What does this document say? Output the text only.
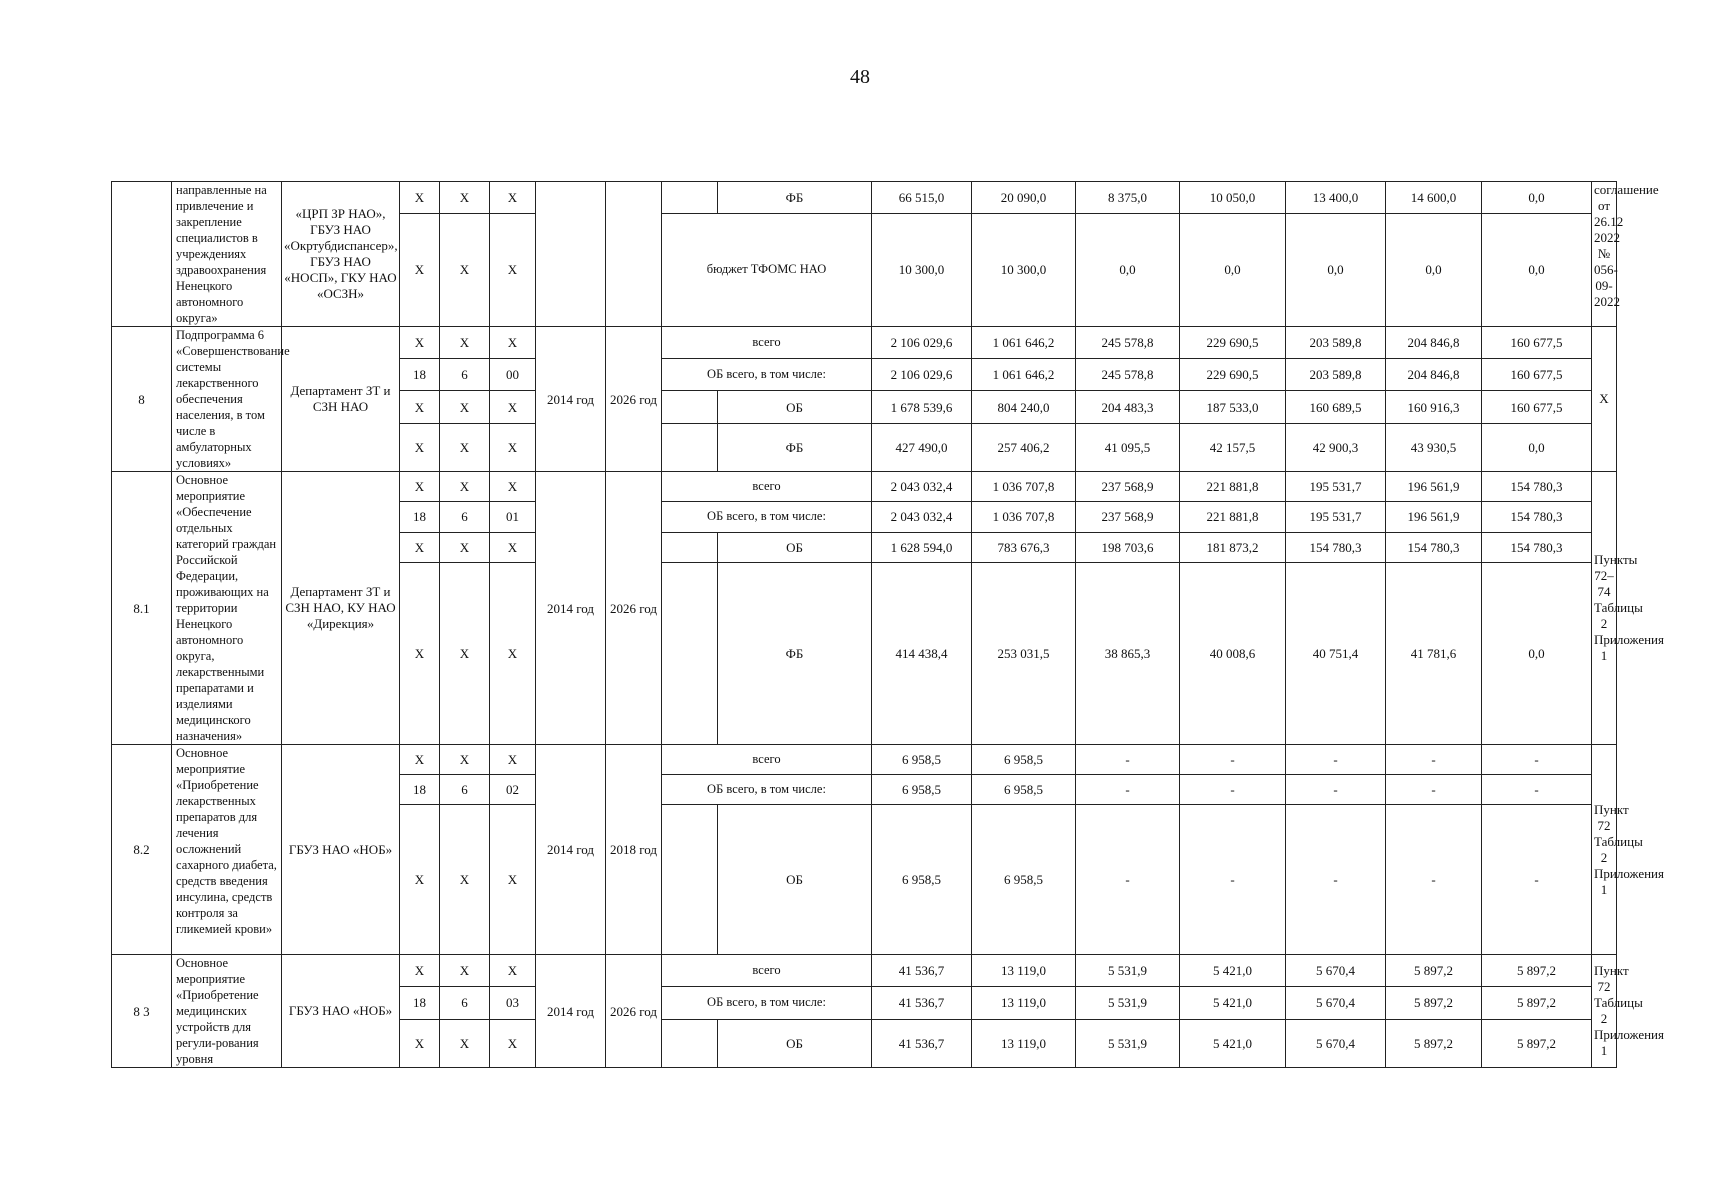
48
	направленные на привлечение и закрепление специалистов в учреждениях здравоохранения Ненецкого автономного округа»	«ЦРП ЗР НАО», ГБУЗ НАО «Окртубдиспансер», ГБУЗ НАО «НОСП», ГКУ НАО «ОСЗН»	Х	Х	Х				ФБ	66 515,0	20 090,0	8 375,0	10 050,0	13 400,0	14 600,0	0,0	соглашение от 26.12 2022 № 056-09-2022
			Х	Х	Х			бюджет ТФОМС НАО		10 300,0	10 300,0	0,0	0,0	0,0	0,0	0,0	
8	Подпрограмма 6 «Совершенствование системы лекарственного обеспечения населения, в том числе в амбулаторных условиях»	Департамент ЗТ и СЗН НАО	Х	Х	Х	2014 год	2026 год	всего		2 106 029,6	1 061 646,2	245 578,8	229 690,5	203 589,8	204 846,8	160 677,5	Х
			18	6	00			ОБ всего, в том числе:		2 106 029,6	1 061 646,2	245 578,8	229 690,5	203 589,8	204 846,8	160 677,5	
			Х	Х	Х				ОБ	1 678 539,6	804 240,0	204 483,3	187 533,0	160 689,5	160 916,3	160 677,5	
			Х	Х	Х				ФБ	427 490,0	257 406,2	41 095,5	42 157,5	42 900,3	43 930,5	0,0	
8.1	Основное мероприятие «Обеспечение отдельных категорий граждан Российской Федерации, проживающих на территории Ненецкого автономного округа, лекарственными препаратами и изделиями медицинского назначения»	Департамент ЗТ и СЗН НАО, КУ НАО «Дирекция»	Х	Х	Х	2014 год	2026 год	всего		2 043 032,4	1 036 707,8	237 568,9	221 881,8	195 531,7	196 561,9	154 780,3	Пункты 72–74 Таблицы 2 Приложения 1
			18	6	01			ОБ всего, в том числе:		2 043 032,4	1 036 707,8	237 568,9	221 881,8	195 531,7	196 561,9	154 780,3	
			Х	Х	Х				ОБ	1 628 594,0	783 676,3	198 703,6	181 873,2	154 780,3	154 780,3	154 780,3	
			Х	Х	Х				ФБ	414 438,4	253 031,5	38 865,3	40 008,6	40 751,4	41 781,6	0,0	
8.2	Основное мероприятие «Приобретение лекарственных препаратов для лечения осложнений сахарного диабета, средств введения инсулина, средств контроля за гликемией крови»	ГБУЗ НАО «НОБ»	Х	Х	Х	2014 год	2018 год	всего		6 958,5	6 958,5	-	-	-	-	-	Пункт 72 Таблицы 2 Приложения 1
			18	6	02			ОБ всего, в том числе:		6 958,5	6 958,5	-	-	-	-	-	
			Х	Х	Х				ОБ	6 958,5	6 958,5	-	-	-	-	-	
8 3	Основное мероприятие «Приобретение медицинских устройств для регули-рования уровня	ГБУЗ НАО «НОБ»	Х	Х	Х	2014 год	2026 год	всего		41 536,7	13 119,0	5 531,9	5 421,0	5 670,4	5 897,2	5 897,2	Пункт 72 Таблицы 2 Приложения 1
			18	6	03			ОБ всего, в том числе:		41 536,7	13 119,0	5 531,9	5 421,0	5 670,4	5 897,2	5 897,2	
			Х	Х	Х				ОБ	41 536,7	13 119,0	5 531,9	5 421,0	5 670,4	5 897,2	5 897,2	
